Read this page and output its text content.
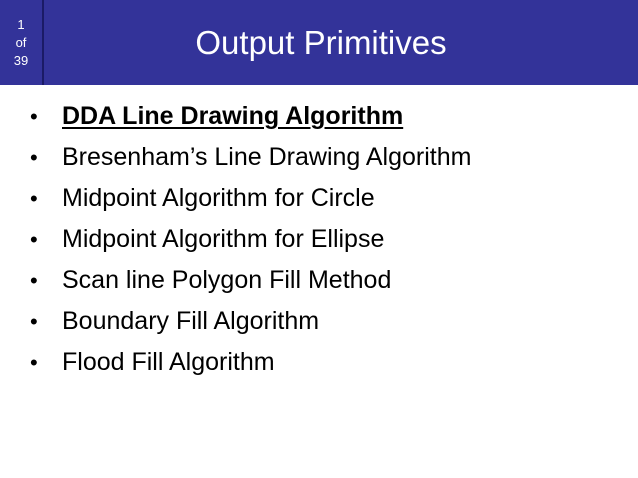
1
of
39	Output Primitives
• DDA Line Drawing Algorithm
• Bresenham’s Line Drawing Algorithm
• Midpoint Algorithm for Circle
• Midpoint Algorithm for Ellipse
• Scan line Polygon Fill Method
• Boundary Fill Algorithm
• Flood Fill Algorithm
